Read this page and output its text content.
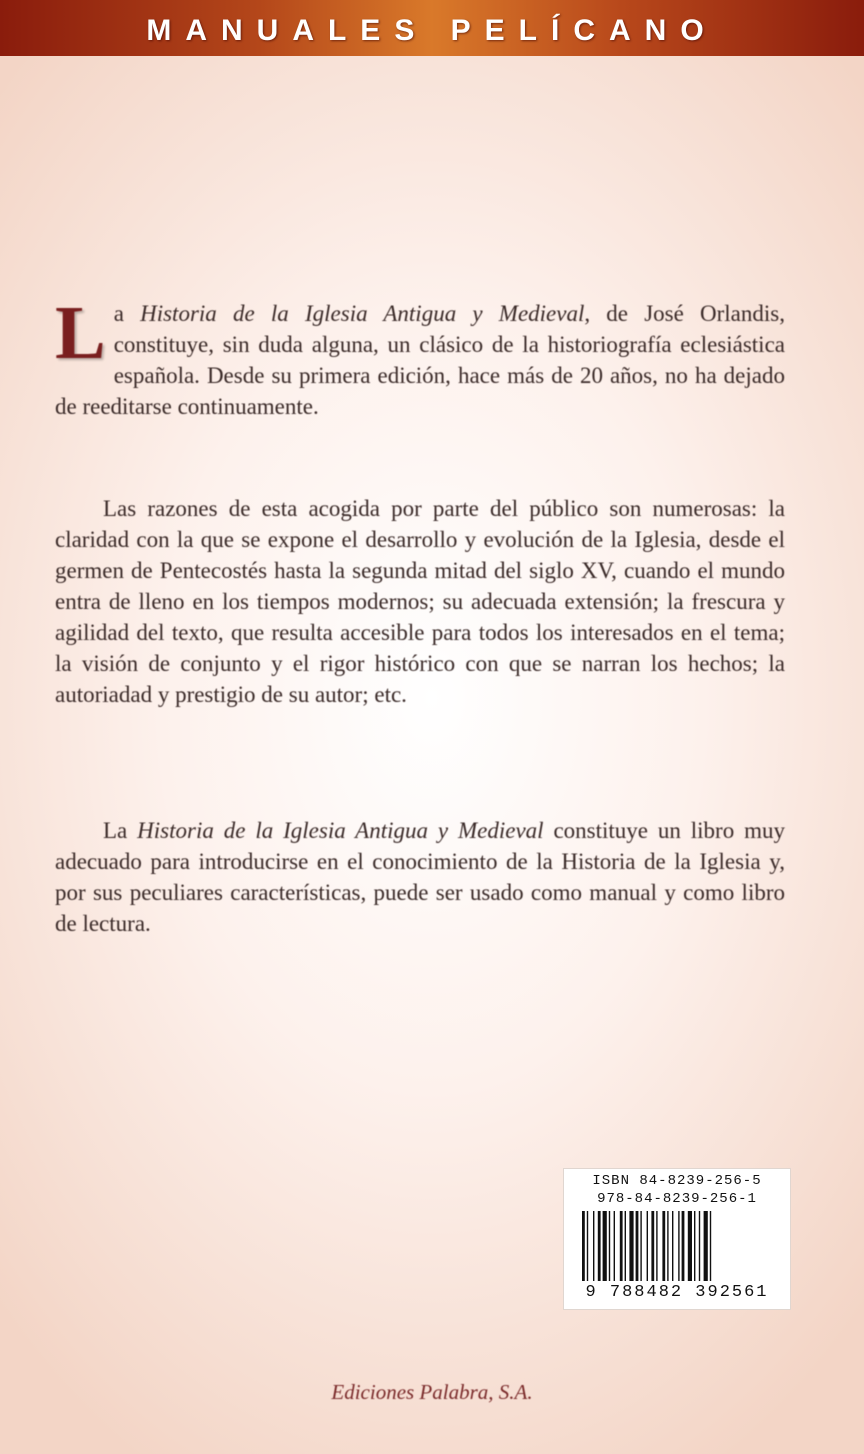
MANUALES PELÍCANO
La Historia de la Iglesia Antigua y Medieval, de José Orlandis, constituye, sin duda alguna, un clásico de la historiografía eclesiástica española. Desde su primera edición, hace más de 20 años, no ha dejado de reeditarse continuamente.
Las razones de esta acogida por parte del público son numerosas: la claridad con la que se expone el desarrollo y evolución de la Iglesia, desde el germen de Pentecostés hasta la segunda mitad del siglo XV, cuando el mundo entra de lleno en los tiempos modernos; su adecuada extensión; la frescura y agilidad del texto, que resulta accesible para todos los interesados en el tema; la visión de conjunto y el rigor histórico con que se narran los hechos; la autoriadad y prestigio de su autor; etc.
La Historia de la Iglesia Antigua y Medieval constituye un libro muy adecuado para introducirse en el conocimiento de la Historia de la Iglesia y, por sus peculiares características, puede ser usado como manual y como libro de lectura.
ISBN 84-8239-256-5
978-84-8239-256-1
9 788482 392561
Ediciones Palabra, S.A.
